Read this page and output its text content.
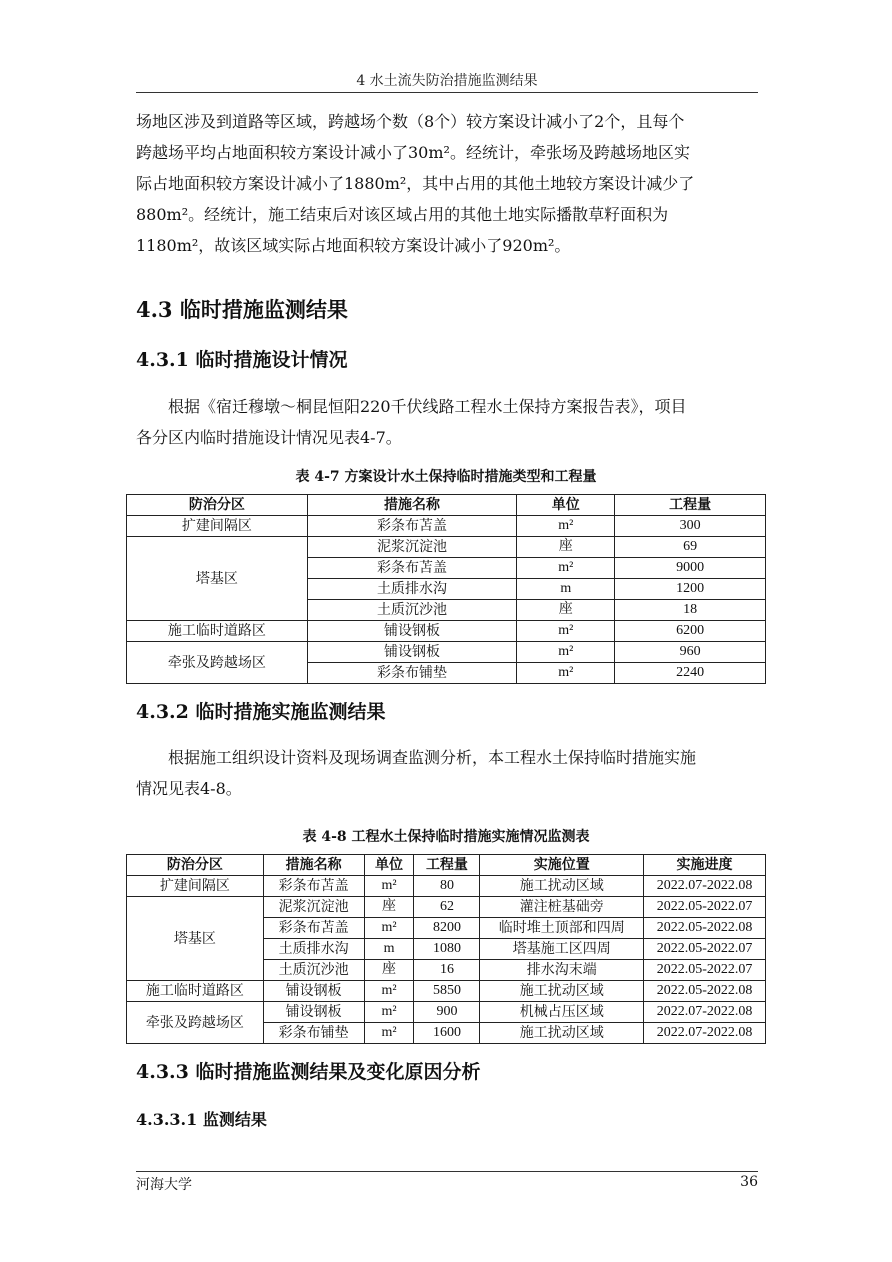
4 水土流失防治措施监测结果

场地区涉及到道路等区域，跨越场个数（8个）较方案设计减小了2个，且每个
跨越场平均占地面积较方案设计减小了30m²。经统计，牵张场及跨越场地区实
际占地面积较方案设计减小了1880m²，其中占用的其他土地较方案设计减少了
880m²。经统计，施工结束后对该区域占用的其他土地实际播散草籽面积为
1180m²，故该区域实际占地面积较方案设计减小了920m²。

4.3 临时措施监测结果
4.3.1 临时措施设计情况

根据《宿迁穆墩～桐昆恒阳220千伏线路工程水土保持方案报告表》，项目
各分区内临时措施设计情况见表4-7。

表 4-7 方案设计水土保持临时措施类型和工程量

防治分区	措施名称	单位	工程量
扩建间隔区	彩条布苫盖	m²	300
塔基区	泥浆沉淀池	座	69
	彩条布苫盖	m²	9000
	土质排水沟	m	1200
	土质沉沙池	座	18
施工临时道路区	铺设钢板	m²	6200
牵张及跨越场区	铺设钢板	m²	960
	彩条布铺垫	m²	2240
4.3.2 临时措施实施监测结果

根据施工组织设计资料及现场调查监测分析，本工程水土保持临时措施实施
情况见表4-8。

表 4-8 工程水土保持临时措施实施情况监测表

防治分区	措施名称	单位	工程量	实施位置	实施进度
扩建间隔区	彩条布苫盖	m²	80	施工扰动区域	2022.07-2022.08
塔基区	泥浆沉淀池	座	62	灌注桩基础旁	2022.05-2022.07
	彩条布苫盖	m²	8200	临时堆土顶部和四周	2022.05-2022.08
	土质排水沟	m	1080	塔基施工区四周	2022.05-2022.07
	土质沉沙池	座	16	排水沟末端	2022.05-2022.07
施工临时道路区	铺设钢板	m²	5850	施工扰动区域	2022.05-2022.08
牵张及跨越场区	铺设钢板	m²	900	机械占压区域	2022.07-2022.08
	彩条布铺垫	m²	1600	施工扰动区域	2022.07-2022.08
4.3.3 临时措施监测结果及变化原因分析
4.3.3.1 监测结果
河海大学	36
